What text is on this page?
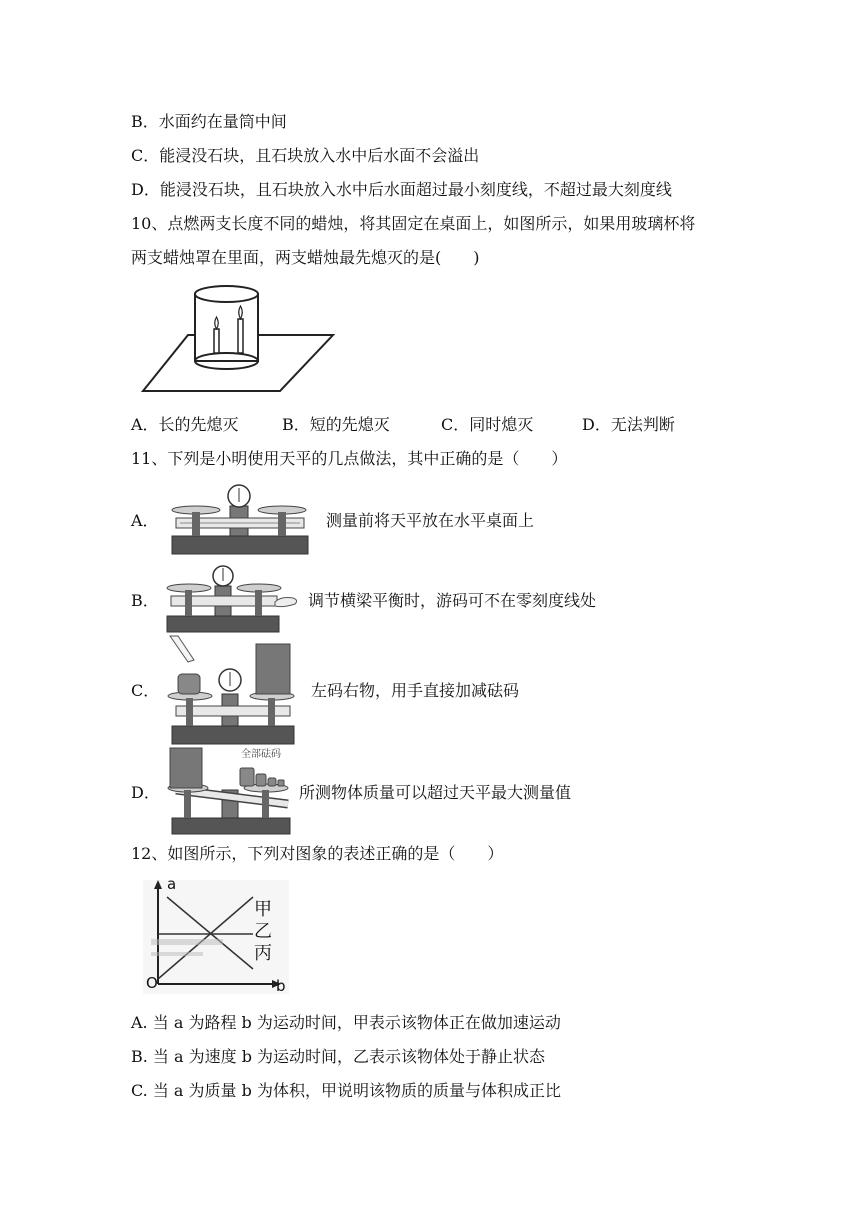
B．水面约在量筒中间
C．能浸没石块，且石块放入水中后水面不会溢出
D．能浸没石块，且石块放入水中后水面超过最小刻度线，不超过最大刻度线
10、点燃两支长度不同的蜡烛，将其固定在桌面上，如图所示，如果用玻璃杯将
两支蜡烛罩在里面，两支蜡烛最先熄灭的是(　　)
A．长的先熄灭	B．短的先熄灭	C．同时熄灭	D．无法判断
11、下列是小明使用天平的几点做法，其中正确的是（　　）
A．	测量前将天平放在水平桌面上
B．	调节横梁平衡时，游码可不在零刻度线处
C．	左码右物，用手直接加减砝码
D．
全部砝码
所测物体质量可以超过天平最大测量值
12、如图所示，下列对图象的表述正确的是（　　）
a
b
O
甲
乙
丙
A. 当 a 为路程 b 为运动时间，甲表示该物体正在做加速运动
B. 当 a 为速度 b 为运动时间，乙表示该物体处于静止状态
C. 当 a 为质量 b 为体积，甲说明该物质的质量与体积成正比
